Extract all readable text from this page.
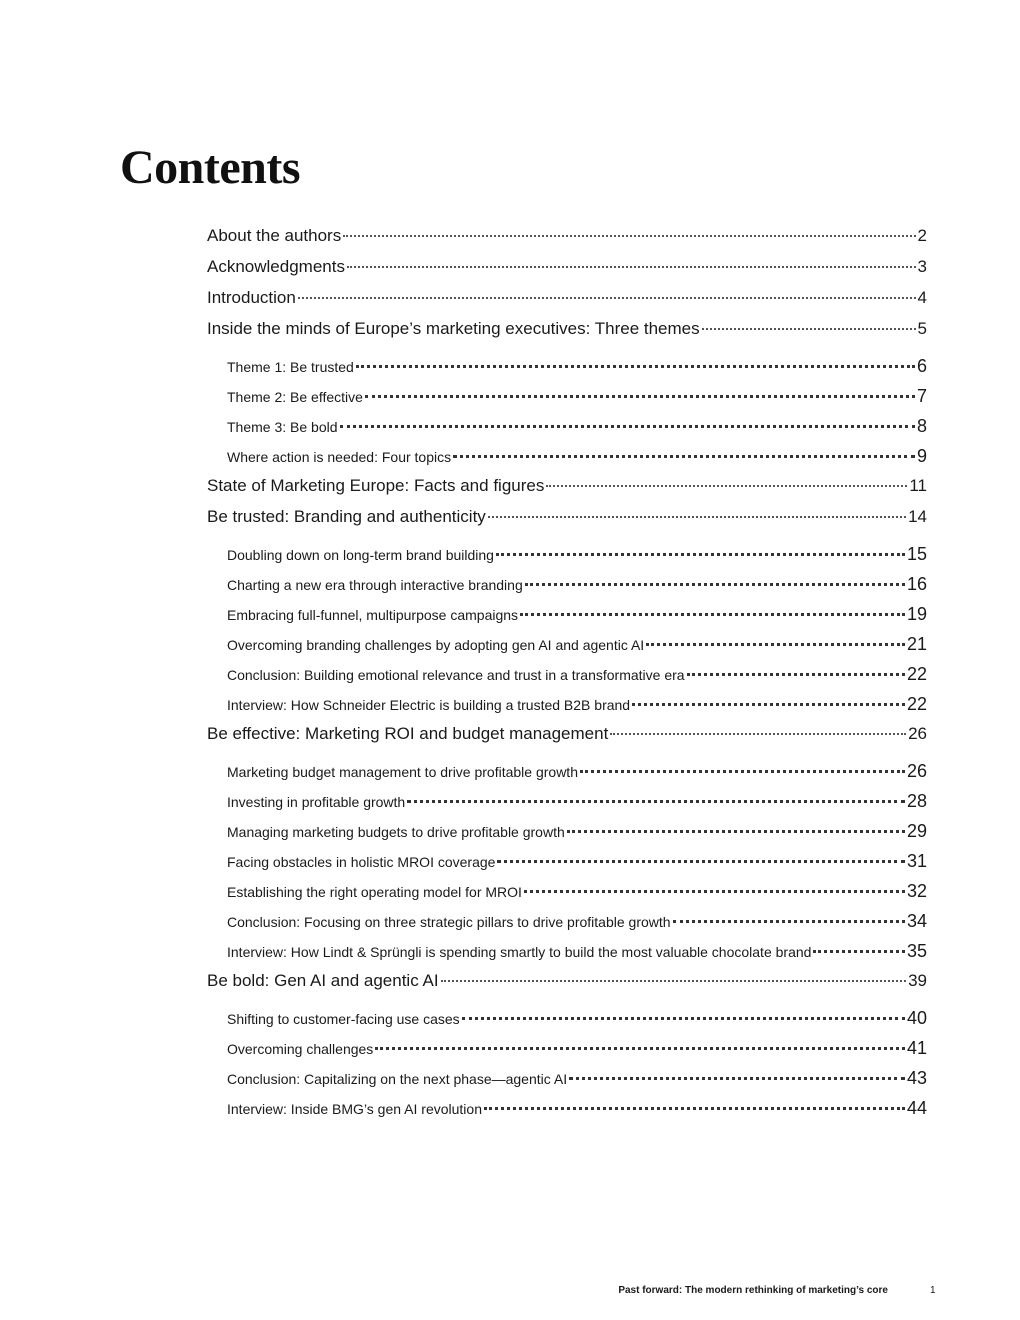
Contents
About the authors	2
Acknowledgments	3
Introduction	4
Inside the minds of Europe’s marketing executives: Three themes	5
Theme 1: Be trusted	6
Theme 2: Be effective	7
Theme 3: Be bold	8
Where action is needed: Four topics	9
State of Marketing Europe: Facts and figures	11
Be trusted: Branding and authenticity	14
Doubling down on long-term brand building	15
Charting a new era through interactive branding	16
Embracing full-funnel, multipurpose campaigns	19
Overcoming branding challenges by adopting gen AI and agentic AI	21
Conclusion: Building emotional relevance and trust in a transformative era	22
Interview: How Schneider Electric is building a trusted B2B brand	22
Be effective: Marketing ROI and budget management	26
Marketing budget management to drive profitable growth	26
Investing in profitable growth	28
Managing marketing budgets to drive profitable growth	29
Facing obstacles in holistic MROI coverage	31
Establishing the right operating model for MROI	32
Conclusion: Focusing on three strategic pillars to drive profitable growth	34
Interview: How Lindt & Sprüngli is spending smartly to build the most valuable chocolate brand	35
Be bold: Gen AI and agentic AI	39
Shifting to customer-facing use cases	40
Overcoming challenges	41
Conclusion: Capitalizing on the next phase—agentic AI	43
Interview: Inside BMG’s gen AI revolution	44
Past forward: The modern rethinking of marketing’s core	1
